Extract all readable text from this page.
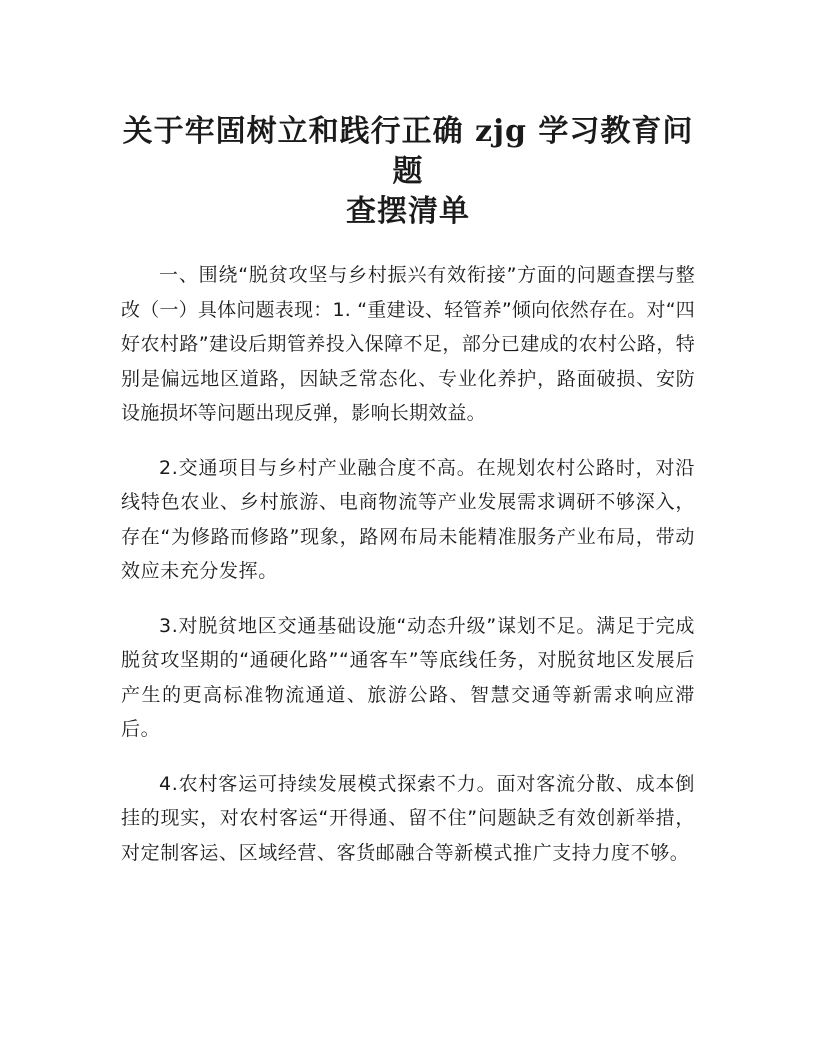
关于牢固树立和践行正确 zjg 学习教育问题
查摆清单

一、围绕“脱贫攻坚与乡村振兴有效衔接”方面的问题查摆与整改（一）具体问题表现：1. “重建设、轻管养”倾向依然存在。对“四好农村路”建设后期管养投入保障不足，部分已建成的农村公路，特别是偏远地区道路，因缺乏常态化、专业化养护，路面破损、安防设施损坏等问题出现反弹，影响长期效益。

2.交通项目与乡村产业融合度不高。在规划农村公路时，对沿线特色农业、乡村旅游、电商物流等产业发展需求调研不够深入，存在“为修路而修路”现象，路网布局未能精准服务产业布局，带动效应未充分发挥。

3.对脱贫地区交通基础设施“动态升级”谋划不足。满足于完成脱贫攻坚期的“通硬化路”“通客车”等底线任务，对脱贫地区发展后产生的更高标准物流通道、旅游公路、智慧交通等新需求响应滞后。

4.农村客运可持续发展模式探索不力。面对客流分散、成本倒挂的现实，对农村客运“开得通、留不住”问题缺乏有效创新举措，对定制客运、区域经营、客货邮融合等新模式推广支持力度不够。
